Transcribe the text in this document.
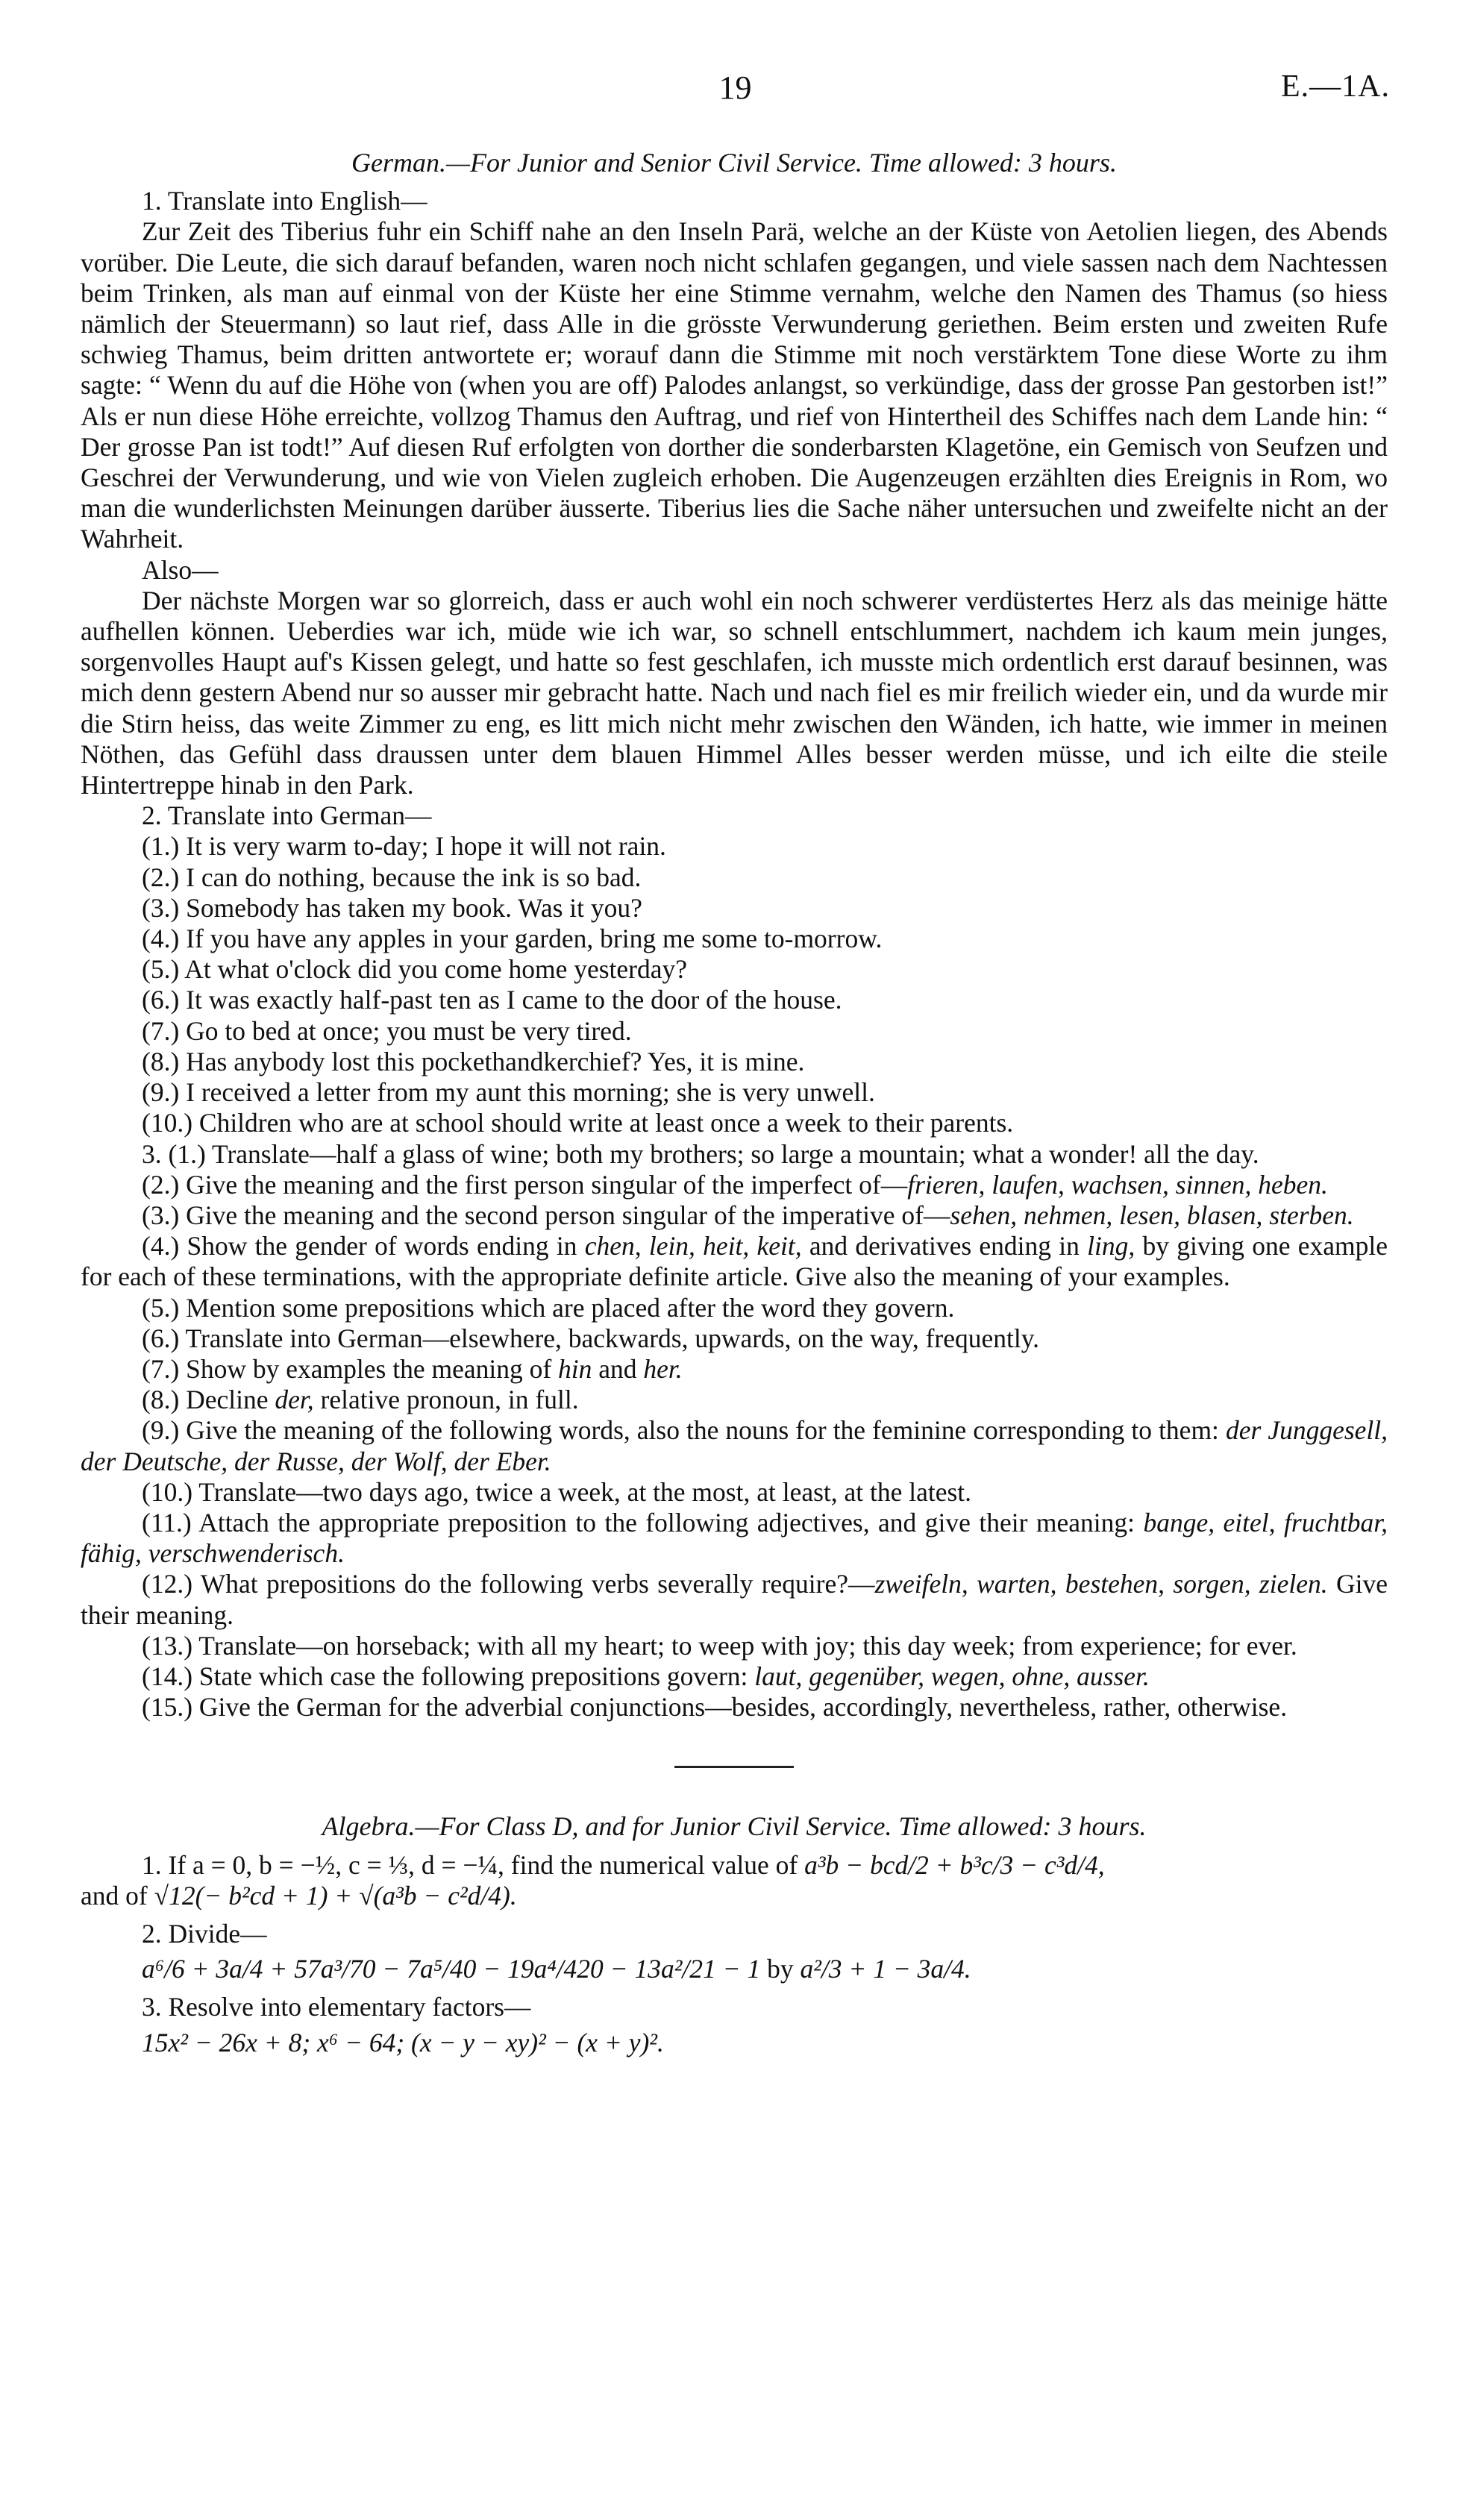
19	E.—1A.

German.—For Junior and Senior Civil Service. Time allowed: 3 hours.

1. Translate into English—

Zur Zeit des Tiberius fuhr ein Schiff nahe an den Inseln Parä, welche an der Küste von Aetolien liegen, des Abends vorüber. Die Leute, die sich darauf befanden, waren noch nicht schlafen gegangen, und viele sassen nach dem Nachtessen beim Trinken, als man auf einmal von der Küste her eine Stimme vernahm, welche den Namen des Thamus (so hiess nämlich der Steuermann) so laut rief, dass Alle in die grösste Verwunderung geriethen. Beim ersten und zweiten Rufe schwieg Thamus, beim dritten antwortete er; worauf dann die Stimme mit noch verstärktem Tone diese Worte zu ihm sagte: “ Wenn du auf die Höhe von (when you are off) Palodes anlangst, so verkündige, dass der grosse Pan gestorben ist!” Als er nun diese Höhe erreichte, vollzog Thamus den Auftrag, und rief von Hintertheil des Schiffes nach dem Lande hin: “ Der grosse Pan ist todt!” Auf diesen Ruf erfolgten von dorther die sonderbarsten Klagetöne, ein Gemisch von Seufzen und Geschrei der Verwunderung, und wie von Vielen zugleich erhoben. Die Augenzeugen erzählten dies Ereignis in Rom, wo man die wunderlichsten Meinungen darüber äusserte. Tiberius lies die Sache näher untersuchen und zweifelte nicht an der Wahrheit.

Also—

Der nächste Morgen war so glorreich, dass er auch wohl ein noch schwerer verdüstertes Herz als das meinige hätte aufhellen können. Ueberdies war ich, müde wie ich war, so schnell entschlummert, nachdem ich kaum mein junges, sorgenvolles Haupt auf's Kissen gelegt, und hatte so fest geschlafen, ich musste mich ordentlich erst darauf besinnen, was mich denn gestern Abend nur so ausser mir gebracht hatte. Nach und nach fiel es mir freilich wieder ein, und da wurde mir die Stirn heiss, das weite Zimmer zu eng, es litt mich nicht mehr zwischen den Wänden, ich hatte, wie immer in meinen Nöthen, das Gefühl dass draussen unter dem blauen Himmel Alles besser werden müsse, und ich eilte die steile Hintertreppe hinab in den Park.

2. Translate into German—

(1.) It is very warm to-day; I hope it will not rain.

(2.) I can do nothing, because the ink is so bad.

(3.) Somebody has taken my book. Was it you?

(4.) If you have any apples in your garden, bring me some to-morrow.

(5.) At what o'clock did you come home yesterday?

(6.) It was exactly half-past ten as I came to the door of the house.

(7.) Go to bed at once; you must be very tired.

(8.) Has anybody lost this pockethandkerchief? Yes, it is mine.

(9.) I received a letter from my aunt this morning; she is very unwell.

(10.) Children who are at school should write at least once a week to their parents.

3. (1.) Translate—half a glass of wine; both my brothers; so large a mountain; what a wonder! all the day.

(2.) Give the meaning and the first person singular of the imperfect of—frieren, laufen, wachsen, sinnen, heben.

(3.) Give the meaning and the second person singular of the imperative of—sehen, nehmen, lesen, blasen, sterben.

(4.) Show the gender of words ending in chen, lein, heit, keit, and derivatives ending in ling, by giving one example for each of these terminations, with the appropriate definite article. Give also the meaning of your examples.

(5.) Mention some prepositions which are placed after the word they govern.

(6.) Translate into German—elsewhere, backwards, upwards, on the way, frequently.

(7.) Show by examples the meaning of hin and her.

(8.) Decline der, relative pronoun, in full.

(9.) Give the meaning of the following words, also the nouns for the feminine corresponding to them: der Junggesell, der Deutsche, der Russe, der Wolf, der Eber.

(10.) Translate—two days ago, twice a week, at the most, at least, at the latest.

(11.) Attach the appropriate preposition to the following adjectives, and give their meaning: bange, eitel, fruchtbar, fähig, verschwenderisch.

(12.) What prepositions do the following verbs severally require?—zweifeln, warten, bestehen, sorgen, zielen. Give their meaning.

(13.) Translate—on horseback; with all my heart; to weep with joy; this day week; from experience; for ever.

(14.) State which case the following prepositions govern: laut, gegenüber, wegen, ohne, ausser.

(15.) Give the German for the adverbial conjunctions—besides, accordingly, nevertheless, rather, otherwise.

Algebra.—For Class D, and for Junior Civil Service. Time allowed: 3 hours.

1. If a = 0, b = −½, c = ⅓, d = −¼, find the numerical value of a³b − bcd/2 + b³c/3 − c³d/4,

and of √12(− b²cd + 1) + √(a³b − c²d/4).

2. Divide—

a⁶/6 + 3a/4 + 57a³/70 − 7a⁵/40 − 19a⁴/420 − 13a²/21 − 1 by a²/3 + 1 − 3a/4.

3. Resolve into elementary factors—

15x² − 26x + 8; x⁶ − 64; (x − y − xy)² − (x + y)².
